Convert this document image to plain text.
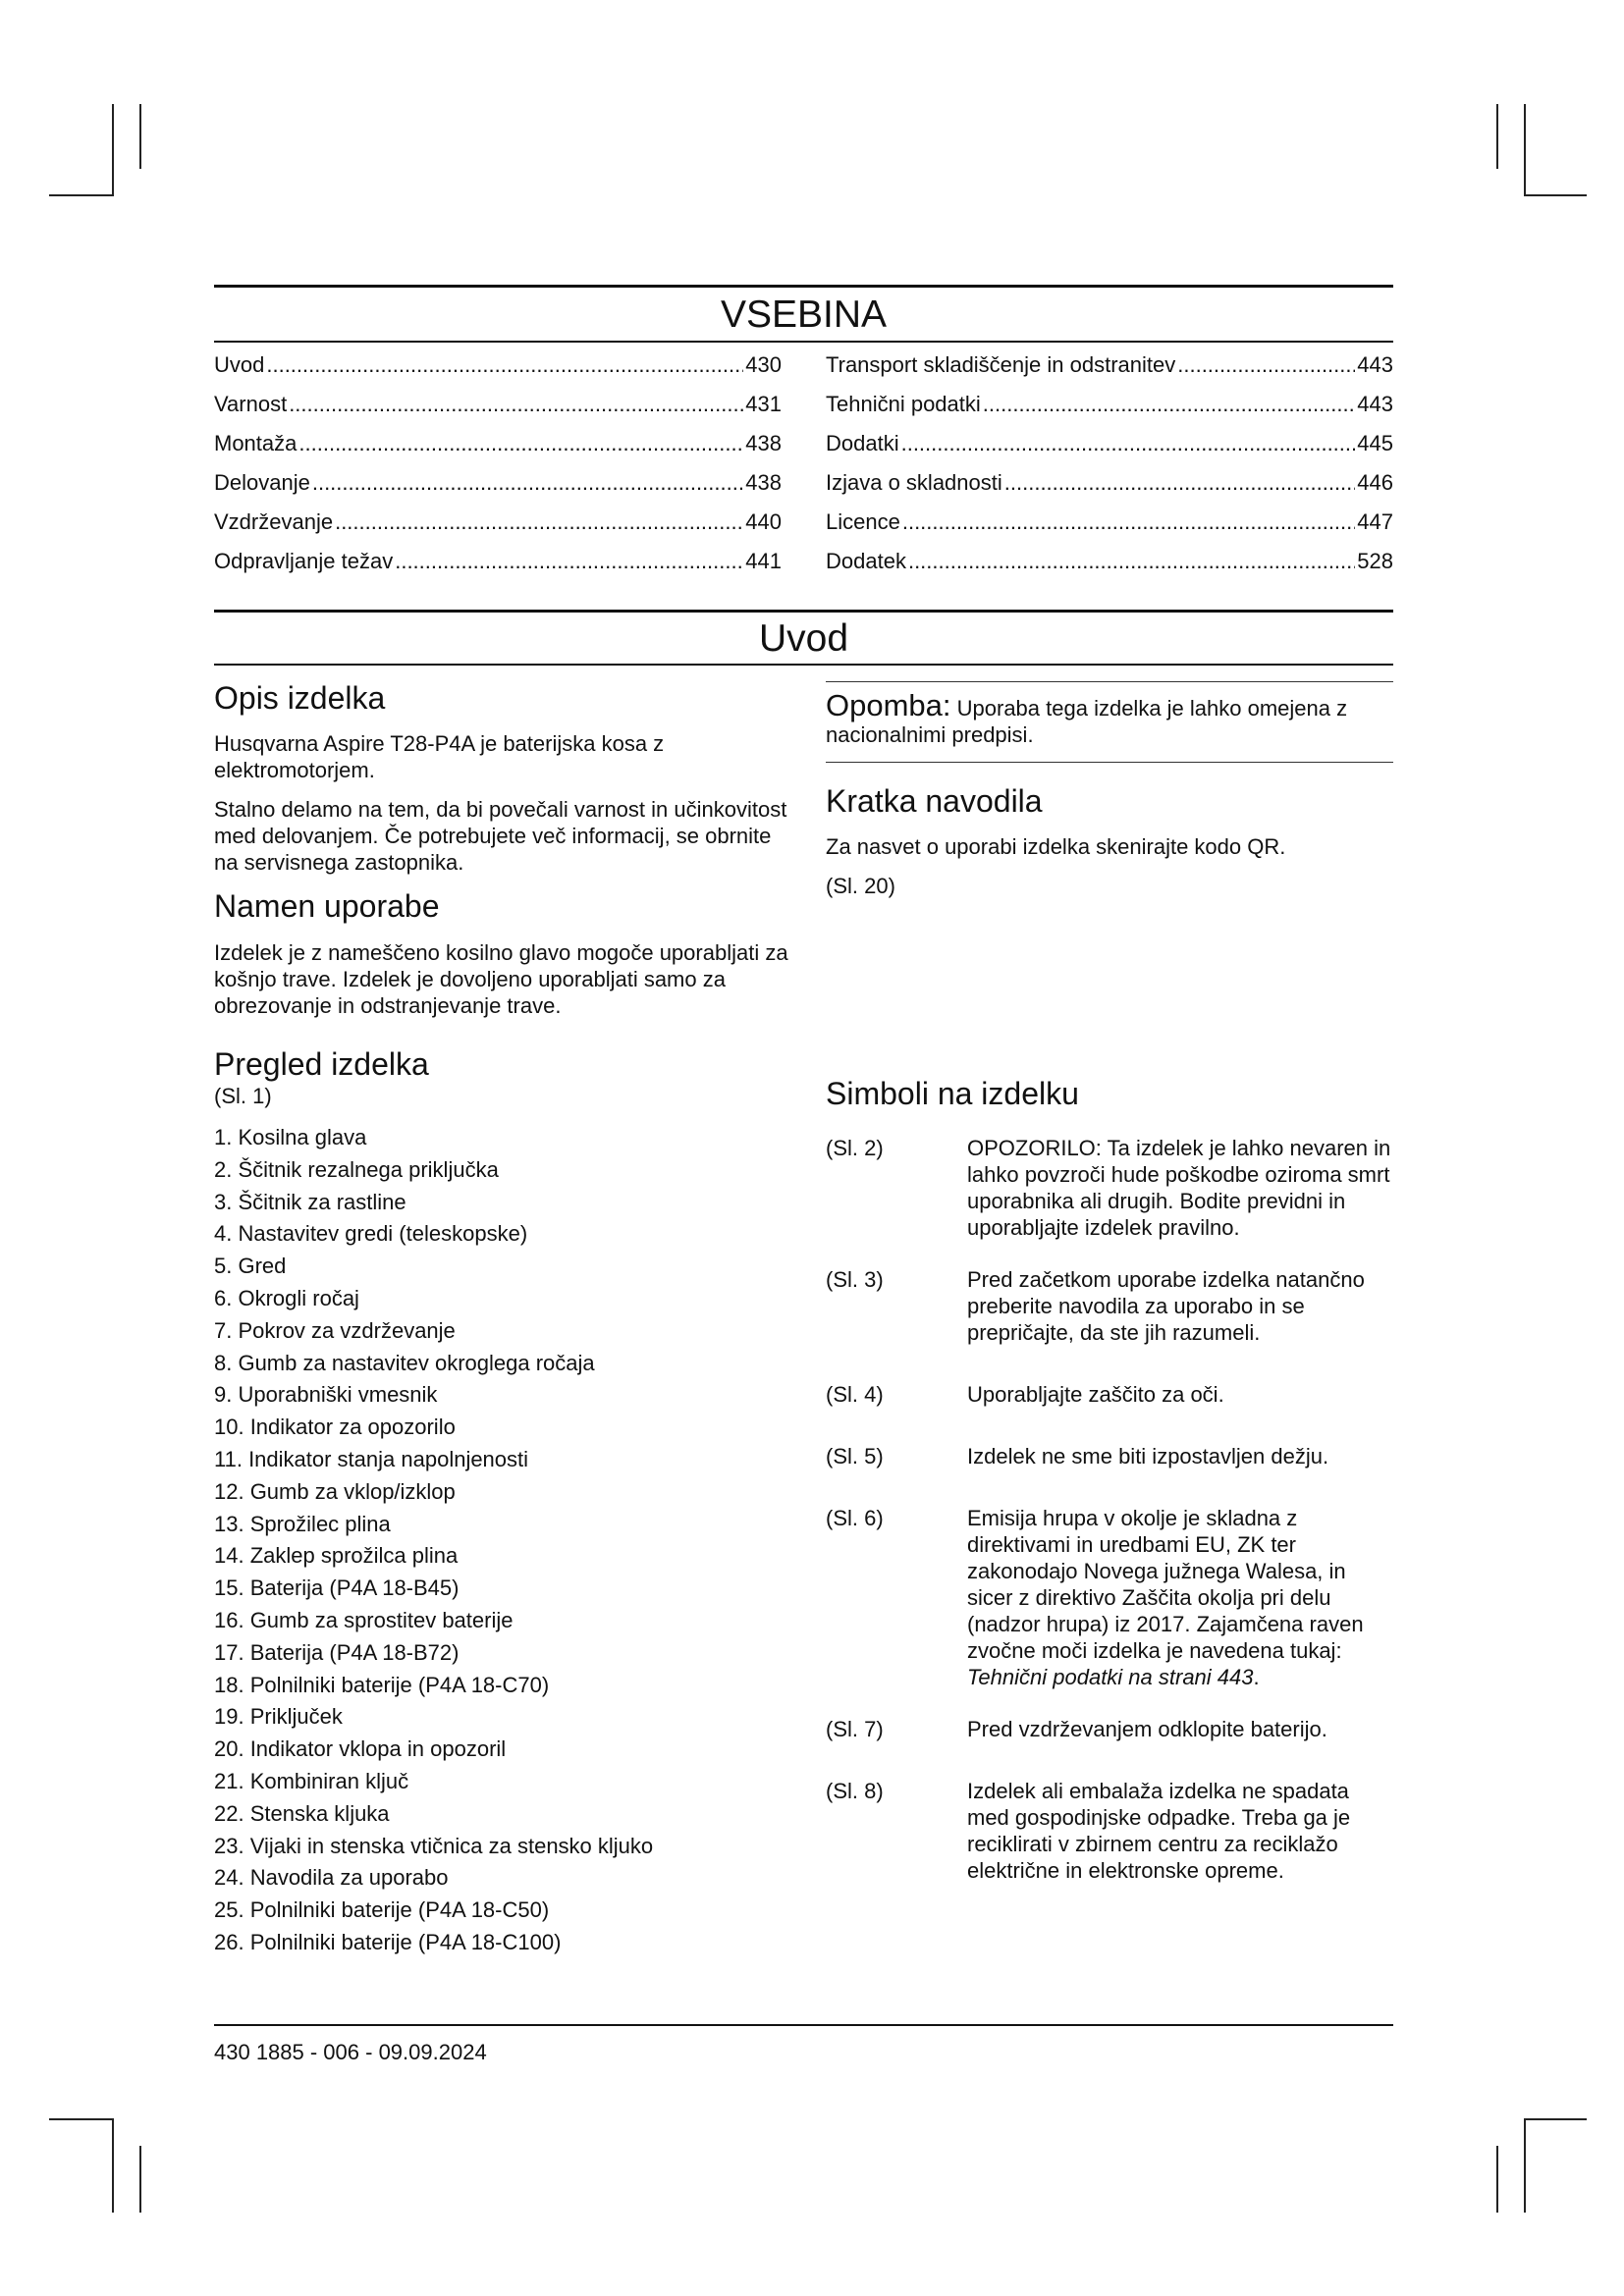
VSEBINA
Uvod .....	430
Varnost .....	431
Montaža .....	438
Delovanje .....	438
Vzdrževanje .....	440
Odpravljanje težav .....	441
Transport skladiščenje in odstranitev .....	443
Tehnični podatki .....	443
Dodatki .....	445
Izjava o skladnosti .....	446
Licence .....	447
Dodatek .....	528
Uvod
Opis izdelka

Husqvarna Aspire T28-P4A je baterijska kosa z elektromotorjem.

Stalno delamo na tem, da bi povečali varnost in učinkovitost med delovanjem. Če potrebujete več informacij, se obrnite na servisnega zastopnika.

Namen uporabe

Izdelek je z nameščeno kosilno glavo mogoče uporabljati za košnjo trave. Izdelek je dovoljeno uporabljati samo za obrezovanje in odstranjevanje trave.

Pregled izdelka

(Sl. 1)

1. Kosilna glava
2. Ščitnik rezalnega priključka
3. Ščitnik za rastline
4. Nastavitev gredi (teleskopske)
5. Gred
6. Okrogli ročaj
7. Pokrov za vzdrževanje
8. Gumb za nastavitev okroglega ročaja
9. Uporabniški vmesnik
10. Indikator za opozorilo
11. Indikator stanja napolnjenosti
12. Gumb za vklop/izklop
13. Sprožilec plina
14. Zaklep sprožilca plina
15. Baterija (P4A 18-B45)
16. Gumb za sprostitev baterije
17. Baterija (P4A 18-B72)
18. Polnilniki baterije (P4A 18-C70)
19. Priključek
20. Indikator vklopa in opozoril
21. Kombiniran ključ
22. Stenska kljuka
23. Vijaki in stenska vtičnica za stensko kljuko
24. Navodila za uporabo
25. Polnilniki baterije (P4A 18-C50)
26. Polnilniki baterije (P4A 18-C100)

Opomba: Uporaba tega izdelka je lahko omejena z nacionalnimi predpisi.

Kratka navodila

Za nasvet o uporabi izdelka skenirajte kodo QR.

(Sl. 20)

Simboli na izdelku
(Sl. 2)	OPOZORILO: Ta izdelek je lahko nevaren in lahko povzroči hude poškodbe oziroma smrt uporabnika ali drugih. Bodite previdni in uporabljajte izdelek pravilno.
(Sl. 3)	Pred začetkom uporabe izdelka natančno preberite navodila za uporabo in se prepričajte, da ste jih razumeli.
(Sl. 4)	Uporabljajte zaščito za oči.
(Sl. 5)	Izdelek ne sme biti izpostavljen dežju.
(Sl. 6)	Emisija hrupa v okolje je skladna z direktivami in uredbami EU, ZK ter zakonodajo Novega južnega Walesa, in sicer z direktivo Zaščita okolja pri delu (nadzor hrupa) iz 2017. Zajamčena raven zvočne moči izdelka je navedena tukaj:
Tehnični podatki na strani 443.
(Sl. 7)	Pred vzdrževanjem odklopite baterijo.
(Sl. 8)	Izdelek ali embalaža izdelka ne spadata med gospodinjske odpadke. Treba ga je reciklirati v zbirnem centru za reciklažo električne in elektronske opreme.
430 1885 - 006 - 09.09.2024
